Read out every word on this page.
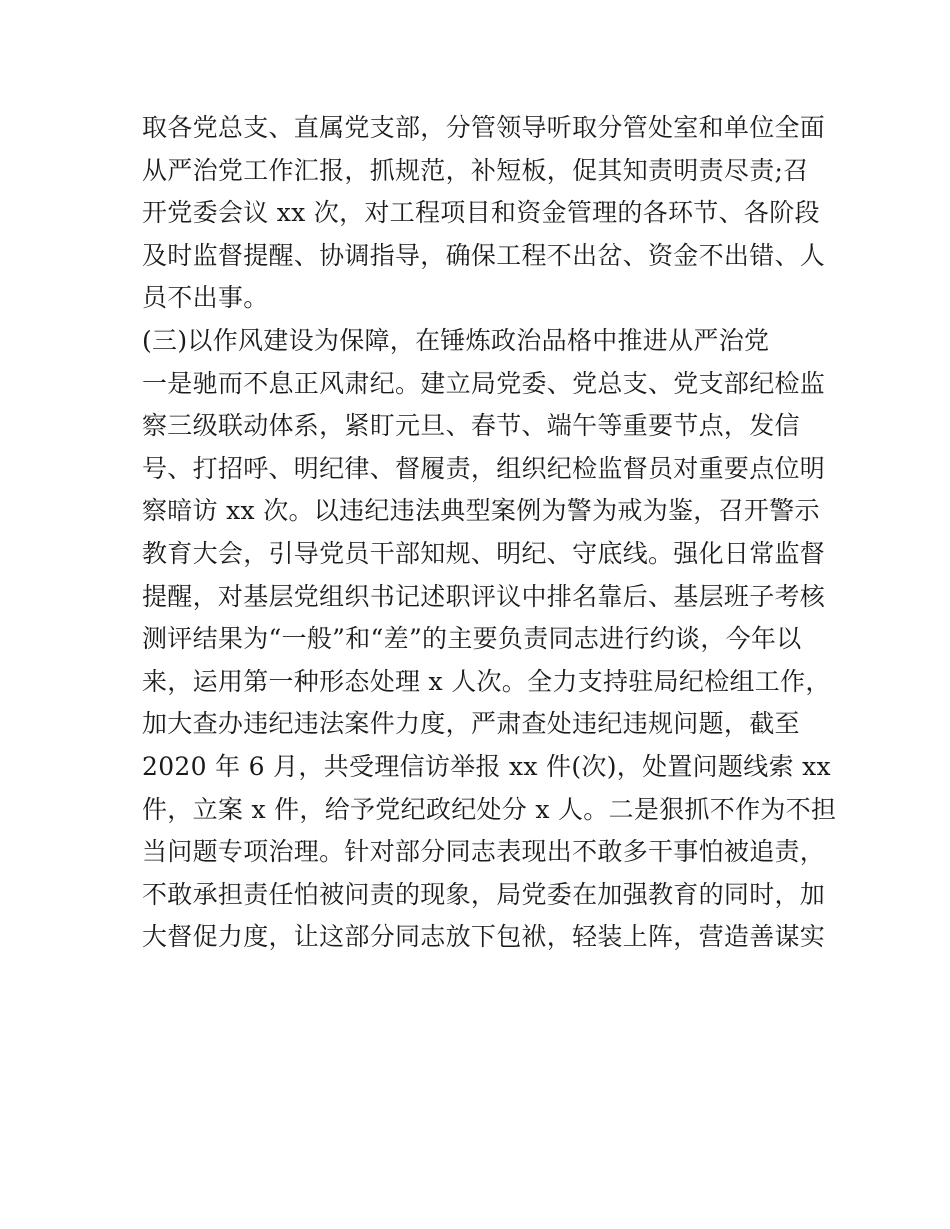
取各党总支、直属党支部，分管领导听取分管处室和单位全面
从严治党工作汇报，抓规范，补短板，促其知责明责尽责;召
开党委会议 xx 次，对工程项目和资金管理的各环节、各阶段
及时监督提醒、协调指导，确保工程不出岔、资金不出错、人
员不出事。
(三)以作风建设为保障，在锤炼政治品格中推进从严治党
一是驰而不息正风肃纪。建立局党委、党总支、党支部纪检监
察三级联动体系，紧盯元旦、春节、端午等重要节点，发信
号、打招呼、明纪律、督履责，组织纪检监督员对重要点位明
察暗访 xx 次。以违纪违法典型案例为警为戒为鉴，召开警示
教育大会，引导党员干部知规、明纪、守底线。强化日常监督
提醒，对基层党组织书记述职评议中排名靠后、基层班子考核
测评结果为“一般”和“差”的主要负责同志进行约谈，今年以
来，运用第一种形态处理 x 人次。全力支持驻局纪检组工作，
加大查办违纪违法案件力度，严肃查处违纪违规问题，截至
2020 年 6 月，共受理信访举报 xx 件(次)，处置问题线索 xx
件，立案 x 件，给予党纪政纪处分 x 人。二是狠抓不作为不担
当问题专项治理。针对部分同志表现出不敢多干事怕被追责，
不敢承担责任怕被问责的现象，局党委在加强教育的同时，加
大督促力度，让这部分同志放下包袱，轻装上阵，营造善谋实
